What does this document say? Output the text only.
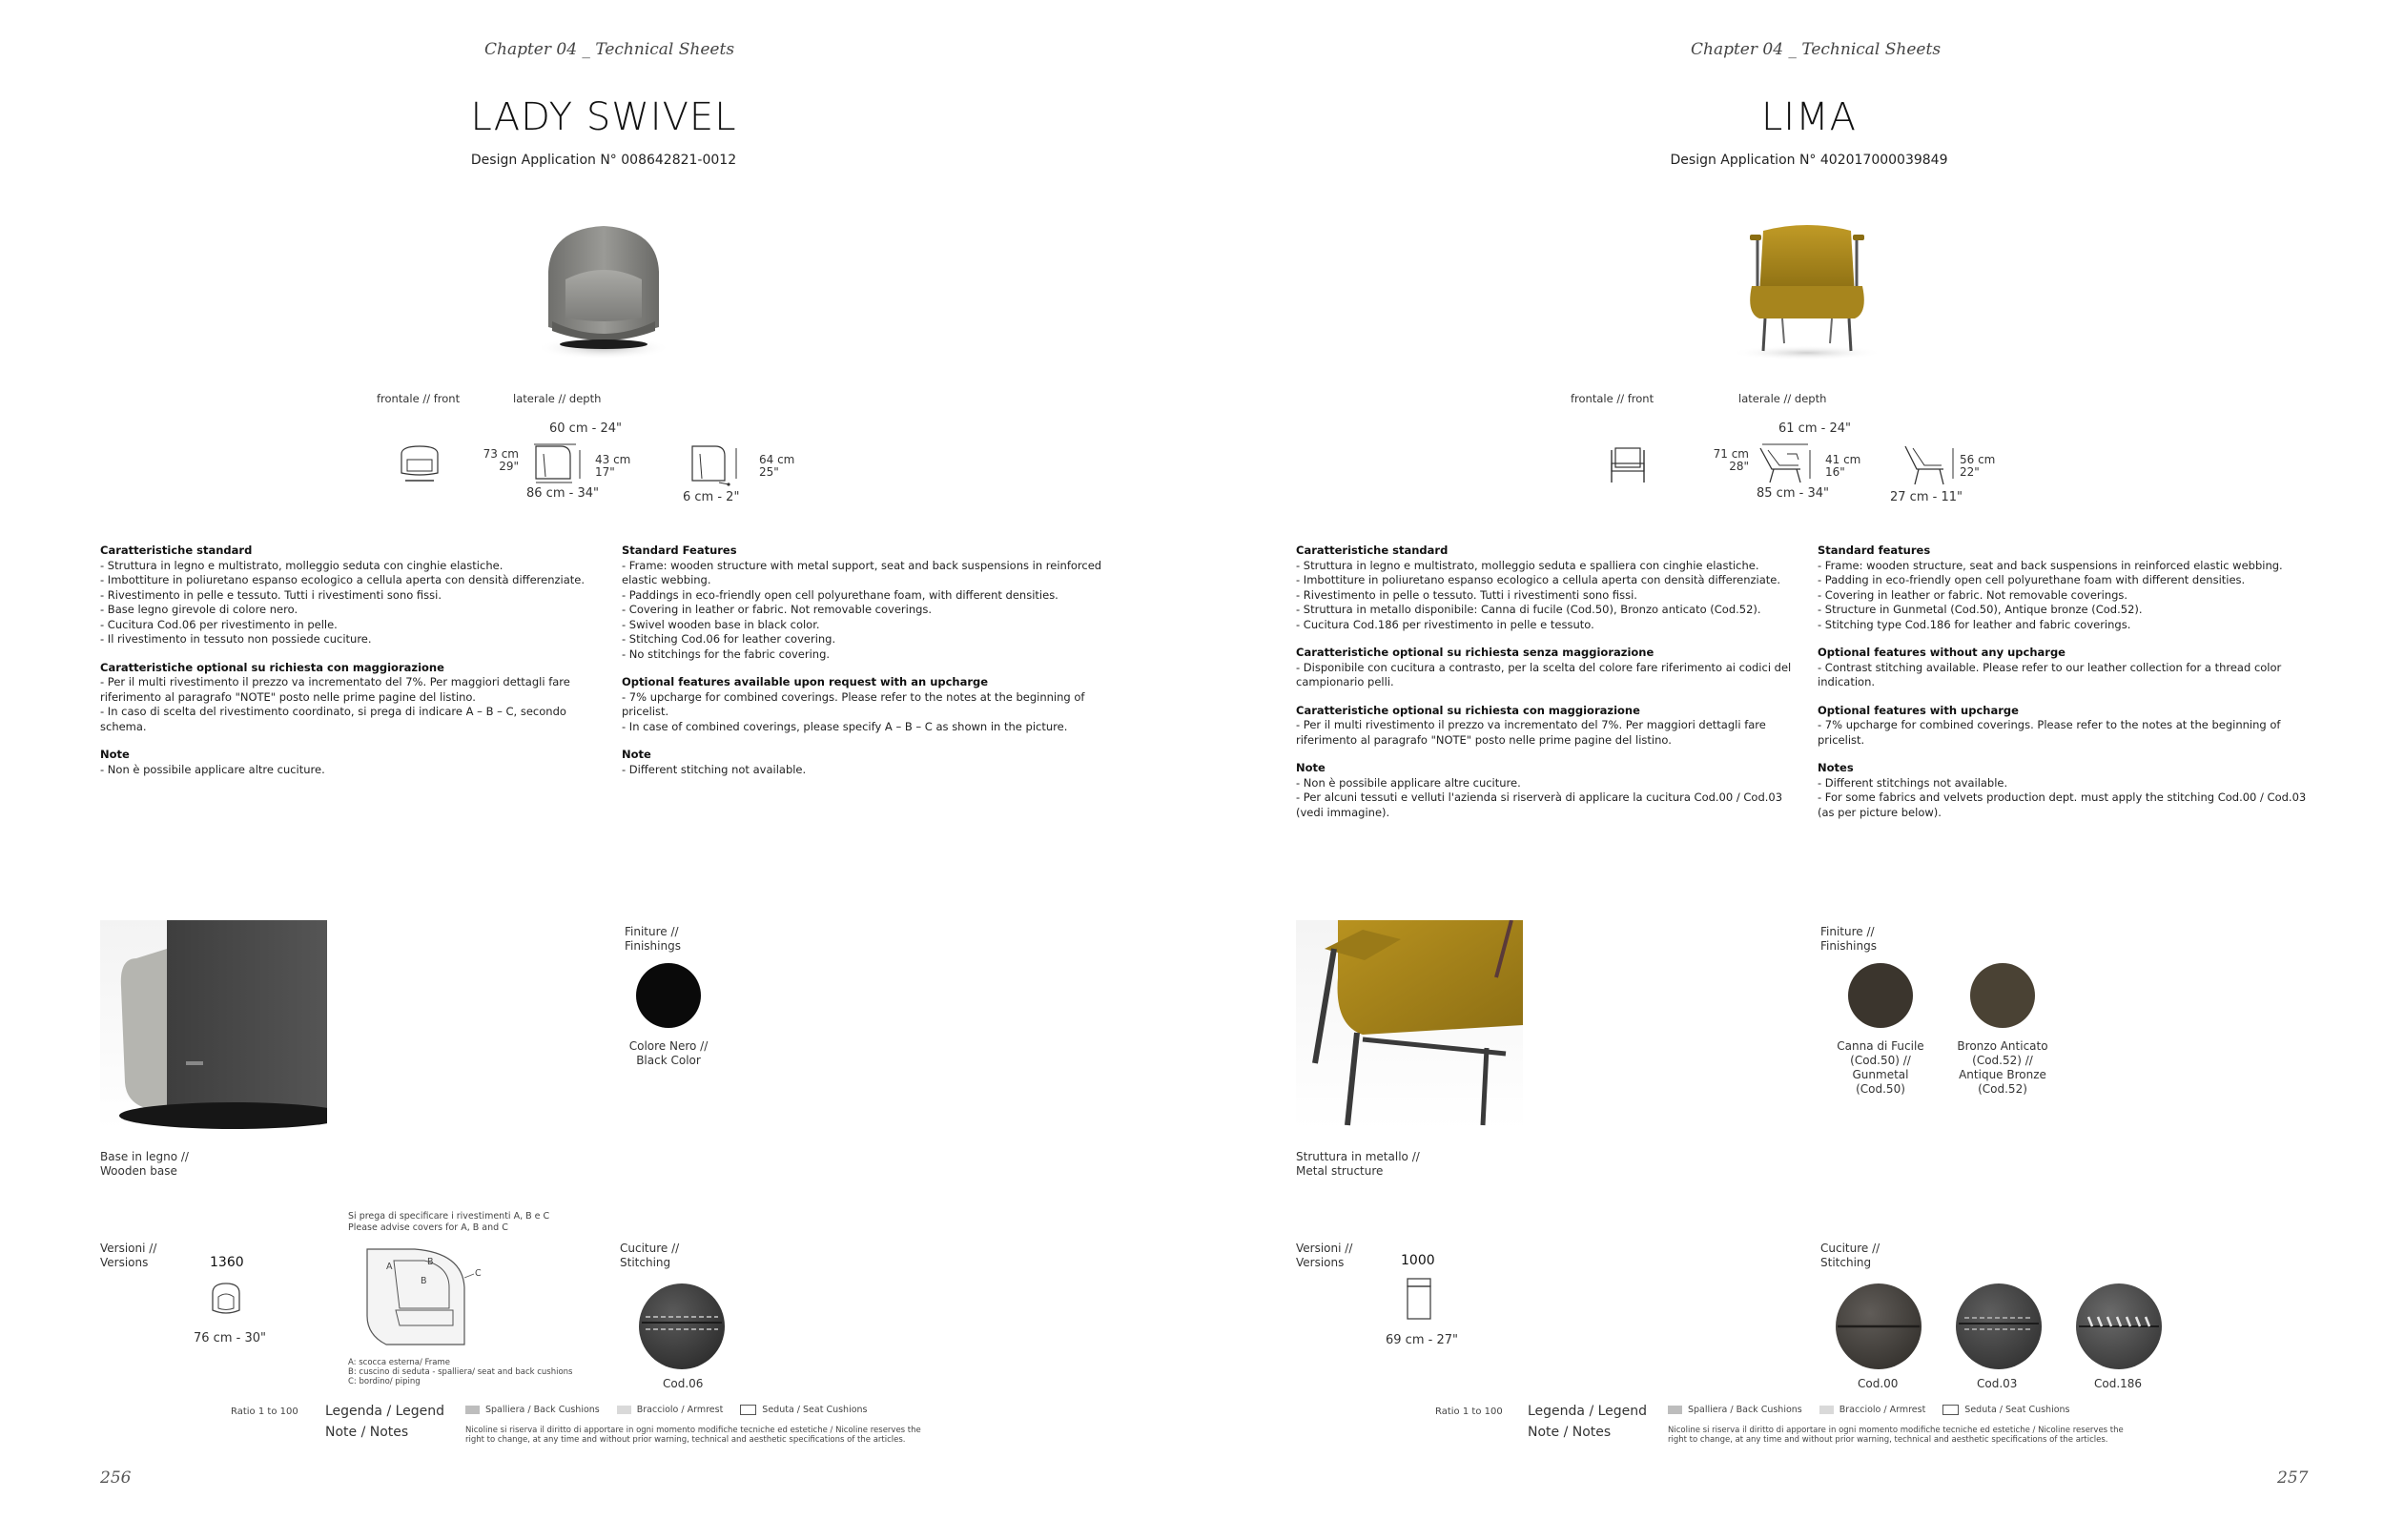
Chapter 04 _ Technical Sheets
LADY SWIVEL
Design Application N° 008642821-0012
frontale // front	laterale // depth
60 cm - 24"
73 cm
29"	43 cm
17"
86 cm - 34"
64 cm
25"
6 cm - 2"
Caratteristiche standard
- Struttura in legno e multistrato, molleggio seduta con cinghie elastiche.
- Imbottiture in poliuretano espanso ecologico a cellula aperta con densità differenziate.
- Rivestimento in pelle e tessuto. Tutti i rivestimenti sono fissi.
- Base legno girevole di colore nero.
- Cucitura Cod.06 per rivestimento in pelle.
- Il rivestimento in tessuto non possiede cuciture.
Caratteristiche optional su richiesta con maggiorazione
- Per il multi rivestimento il prezzo va incrementato del 7%. Per maggiori dettagli fare riferimento al paragrafo "NOTE" posto nelle prime pagine del listino.
- In caso di scelta del rivestimento coordinato, si prega di indicare A – B – C, secondo schema.
Note
- Non è possibile applicare altre cuciture.
Standard Features
- Frame: wooden structure with metal support, seat and back suspensions in reinforced elastic webbing.
- Paddings in eco-friendly open cell polyurethane foam, with different densities.
- Covering in leather or fabric. Not removable coverings.
- Swivel wooden base in black color.
- Stitching Cod.06 for leather covering.
- No stitchings for the fabric covering.
Optional features available upon request with an upcharge
- 7% upcharge for combined coverings. Please refer to the notes at the beginning of pricelist.
- In case of combined coverings, please specify A – B – C as shown in the picture.
Note
- Different stitching not available.
Base in legno //
Wooden base
Finiture //
Finishings
Colore Nero //
Black Color
Versioni //
Versions	1360
76 cm - 30"
Si prega di specificare i rivestimenti A, B e C
Please advise covers for A, B and C
A	B
B
C
A: scocca esterna/ Frame
B: cuscino di seduta - spalliera/ seat and back cushions
C: bordino/ piping
Cuciture //
Stitching
Cod.06
Ratio 1 to 100 Legenda / Legend
Note / Notes
Spalliera / Back Cushions	Bracciolo / Armrest	Seduta / Seat Cushions
Nicoline si riserva il diritto di apportare in ogni momento modifiche tecniche ed estetiche / Nicoline reserves the right to change, at any time and without prior warning, technical and aesthetic specifications of the articles.
256
Chapter 04 _ Technical Sheets
LIMA
Design Application N° 402017000039849
frontale // front	laterale // depth
61 cm - 24"
71 cm
28"	41 cm
16"
85 cm - 34"
56 cm
22"
27 cm - 11"
Caratteristiche standard
- Struttura in legno e multistrato, molleggio seduta e spalliera con cinghie elastiche.
- Imbottiture in poliuretano espanso ecologico a cellula aperta con densità differenziate.
- Rivestimento in pelle o tessuto. Tutti i rivestimenti sono fissi.
- Struttura in metallo disponibile: Canna di fucile (Cod.50), Bronzo anticato (Cod.52).
- Cucitura Cod.186 per rivestimento in pelle e tessuto.
Caratteristiche optional su richiesta senza maggiorazione
- Disponibile con cucitura a contrasto, per la scelta del colore fare riferimento ai codici del campionario pelli.
Caratteristiche optional su richiesta con maggiorazione
- Per il multi rivestimento il prezzo va incrementato del 7%. Per maggiori dettagli fare riferimento al paragrafo "NOTE" posto nelle prime pagine del listino.
Note
- Non è possibile applicare altre cuciture.
- Per alcuni tessuti e velluti l'azienda si riserverà di applicare la cucitura Cod.00 / Cod.03 (vedi immagine).
Standard features
- Frame: wooden structure, seat and back suspensions in reinforced elastic webbing.
- Padding in eco-friendly open cell polyurethane foam with different densities.
- Covering in leather or fabric. Not removable coverings.
- Structure in Gunmetal (Cod.50), Antique bronze (Cod.52).
- Stitching type Cod.186 for leather and fabric coverings.
Optional features without any upcharge
- Contrast stitching available. Please refer to our leather collection for a thread color indication.
Optional features with upcharge
- 7% upcharge for combined coverings. Please refer to the notes at the beginning of pricelist.
Notes
- Different stitchings not available.
- For some fabrics and velvets production dept. must apply the stitching Cod.00 / Cod.03 (as per picture below).
Struttura in metallo //
Metal structure
Finiture //
Finishings
Canna di Fucile
(Cod.50) //
Gunmetal
(Cod.50)
Bronzo Anticato
(Cod.52) //
Antique Bronze
(Cod.52)
Versioni //
Versions	1000
69 cm - 27"
Cuciture //
Stitching
Cod.00	Cod.03	Cod.186
Ratio 1 to 100 Legenda / Legend
Note / Notes
Spalliera / Back Cushions	Bracciolo / Armrest	Seduta / Seat Cushions
Nicoline si riserva il diritto di apportare in ogni momento modifiche tecniche ed estetiche / Nicoline reserves the right to change, at any time and without prior warning, technical and aesthetic specifications of the articles.
257
